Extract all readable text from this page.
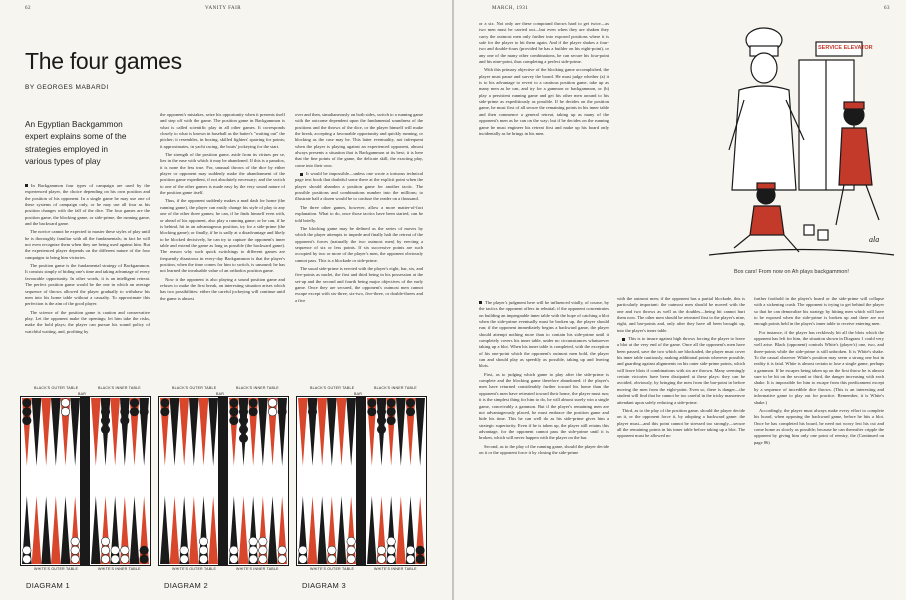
62	VANITY FAIR
The four games
BY GEORGES MABARDI
An Egyptian Backgammon expert explains some of the strategies employed in various types of play

In Backgammon four types of campaign are used by the experienced player, the choice depending on his own position and the position of his opponent. In a single game he may use one of these systems of campaign only, or he may use all four as his position changes with the fall of the dice. The four games are the position game, the blocking game, or side-prime, the running game, and the backward game.

The novice cannot be expected to master these styles of play until he is thoroughly familiar with all the fundamentals; in fact he will not even recognize them when they are being used against him. But the experienced player depends on the different nature of the four campaigns to bring him victories.

The position game is the fundamental strategy of Backgammon. It consists simply of biding one's time and taking advantage of every favourable opportunity. In other words, it is an intelligent retreat. The perfect position game would be the one in which an average sequence of throws allowed the player gradually to withdraw his men into his home table without a casualty. To approximate this perfection is the aim of the good player.

The science of the position game is caution and conservative play. Let the opponent make the openings; let him take the risks, make the bold plays; the player can pursue his sound policy of watchful waiting, and, profiting by

the opponent's mistakes, seize his opportunity when it presents itself and step off with the game. The position game in Backgammon is what is called scientific play in all other games. It corresponds closely to what is known in baseball as the batter's "waiting out" the pitcher; it resembles, in boxing, skilled fighters' sparring for points; it approximates, in yacht racing, the boats' jockeying for the start.

The strength of the position game, aside from its virtues per se, lies in the ease with which it may be abandoned. If this is a paradox, it is none the less true. For, unusual throws of the dice by either player or opponent may suddenly make the abandonment of the position game expedient, if not absolutely necessary; and the switch to one of the other games is made easy by the very sound nature of the position game itself.

Thus, if the opponent suddenly makes a mad dash for home (the running game), the player can easily change his style of play to any one of the other three games; he can, if he finds himself even with, or ahead of his opponent, also play a running game; or he can, if he is behind, hit in an advantageous position, try for a side-prime (the blocking game); or finally, if he is sadly at a disadvantage and likely to be blocked decisively, he can try to capture the opponent's inner table and extend the game as long as possible (the backward game). The reason why such quick switchings to different games are frequently disastrous in every-day Backgammon is that the player's position, when the time comes for him to switch, is unsound; he has not learned the invaluable value of an orthodox position game.

Now it the opponent is also playing a sound position game and refuses to make the first break, an interesting situation arises which has two possibilities: either the careful jockeying will continue until the game is almost

over and then, simultaneously on both sides, switch to a running game with the outcome dependent upon the fundamental soundness of the positions and the throws of the dice, or the player himself will make the break, accepting a favourable opportunity and quickly running, or blocking as the case may be. This latter eventuality, not infrequent when the player is playing against an experienced opponent, almost always presents a situation that is Backgammon at its best; it is here that the fine points of the game, the delicate skill, the exacting play, come into their own.

It would be impossible—unless one wrote a tortuous technical page text book that doubtful some there at the explicit point when the player should abandon a position game for another tactic. The possible positions and combinations number into the millions; to illustrate half a dozen would be to confuse the reader on a thousand.

The three other games, however, allow a more matter-of-fact explanation. What to do, once those tactics have been started, can be told briefly.

The blocking game may be defined as the series of moves by which the player attempts to impede and finally halt the retreat of the opponent's forces (naturally the two outmost men) by erecting a sequence of six or less points. If six successive points are such occupied by two or more of the player's men, the opponent obviously cannot pass. This is a blockade or side-prime.

The usual side-prime is erected with the player's eight, bar, six, and five-points as nuclei, the first and third being in his possession at the set-up and the second and fourth being major objectives of the early game. Once they are secured, the opponent's outmost men cannot escape except with six-three, six-two, five-three, or double-threes and a five

BLACK'S OUTER TABLE	BLACK'S INNER TABLE
BAR
WHITE'S OUTER TABLE	WHITE'S INNER TABLE
DIAGRAM 1
BLACK'S OUTER TABLE	BLACK'S INNER TABLE
BAR
WHITE'S OUTER TABLE	WHITE'S INNER TABLE
DIAGRAM 2
BLACK'S OUTER TABLE	BLACK'S INNER TABLE
BAR
WHITE'S OUTER TABLE	WHITE'S INNER TABLE
DIAGRAM 3
MARCH, 1931	63

or a six. Not only are these compound throws hard to get twice—as two men must be carried out—but even when they are shaken they carry the outmost men only further into exposed positions where it is safe for the player to hit them again. And if the player shakes a four-two and double-fours (provided he has a builder on his eight-point), or any one of the many other combinations, he can secure his four-point and his nine-point, thus completing a perfect side-prime.

With this primary objective of the blocking game accomplished, the player must pause and survey the board. He must judge whether (a) it is to his advantage to revert to a cautious position game, take up as many men as he can, and try for a gammon or backgammon, or (b) play a persistent running game and get his other men around to his side-prime as expeditiously as possible. If he decides on the position game, he must first of all secure the remaining points in his inner table and then commence a general retreat, taking up as many of the opponent's men as he can on the way; but if he decides on the running game he must engineer his retreat first and make up his board only incidentally as he brings in his men.

The player's judgment here will be influenced vitally, of course, by the tactics the opponent offers in rebuttal; if the opponent concentrates on building an impregnable inner table with the hope of catching a blot when the side-prime eventually must be broken up, the player should run; if the opponent immediately begins a backward game, the player should attempt nothing more than to contain his side-prime until it completely covers his inner table, under no circumstances whatsoever taking up a blot. When his inner table is completed, with the exception of his one-point which the opponent's outmost men hold, the player can and should play as speedily as possible, taking up and leaving blots.

First, as to judging which game to play after the side-prime is complete and the blocking game therefore abandoned: if the player's men have returned considerably further toward his home than the opponent's men have retreated toward their home, the player must run; it is the simplest thing for him to do, he will almost surely win a single game, conceivably a gammon. But if the player's remaining men are not advantageously placed, he must embrace the position game and hide his time. This he can well do as his side-prime gives him a strategic superiority. Even if he is taken up, the player still retains this advantage, for the opponent cannot pass the side-prime until it is broken, which will never happen with the player on the bar.

Second, as to the play of the running game, should the player decide on it or the opponent force it by closing the side-prime

SERVICE ELEVATOR
ala
Box cars! From now on Ah plays backgammon!

with the outmost men; if the opponent has a partial blockade, this is particularly important: the outmost men should be moved with the one and two throws as well as the doubles—being hit cannot hurt them now. The other men should be retreated first to the player's nine, eight, and bar-points and, only after they have all been brought up, into the player's inner table.

This is to insure against high throws forcing the player to leave a blot at the very end of the game. Once all the opponent's men have been passed, save the two which are blockaded, the player must cover his inner table cautiously, making additional points wherever possible, and guarding against alignments on his outer side-prime points, which will leave blots if combinations with six are thrown. Many seemingly certain victories have been dissipated at these plays: they can be avoided, obviously, by bringing the men from the bar-point in before moving the men from the eight-point. Even so, there is danger—the student will find that he cannot be too careful in the tricky manoeuvre attendant upon safely reducing a side-prime.

Third, as to the play of the position game, should the player decide on it, or the opponent force it, by adopting a backward game: the player must—and this point cannot be stressed too strongly—secure all the remaining points in his inner table before taking up a blot. The opponent must be allowed no

further foothold in the player's board or the side-prime will collapse with a sickening crash. The opponent is trying to get behind the player so that he can demoralize his strategy by hitting men which will have to be exposed when the side-prime is broken up and there are not enough points held in the player's inner table to receive entering men.

For instance, if the player has recklessly hit all the blots which the opponent has left for him, the situation shown in Diagram 1 could very well arise. Black (opponent) controls White's (player's) one, two, and three-points while the side-prime is still unbroken. It is White's shake. To the casual observer White's position may seem a strong one but in reality it is fatal. White is almost certain to lose a single game, perhaps a gammon. If he escapes being taken up on the first throw he is almost sure to be hit on the second or third, the danger increasing with each shake. It is impossible for him to escape from this predicament except by a sequence of incredible dice throws. (This is an interesting and informative game to play out for practice. Remember, it is White's shake.)

Accordingly, the player must always make every effort to complete his board, when opposing the backward game, before he hits a blot. Once he has completed his board, he need not worry lest his cut and come home as slowly as possible; because he can thereafter cripple the opponent by giving him only one point of reentry, the (Continued on page 86)
